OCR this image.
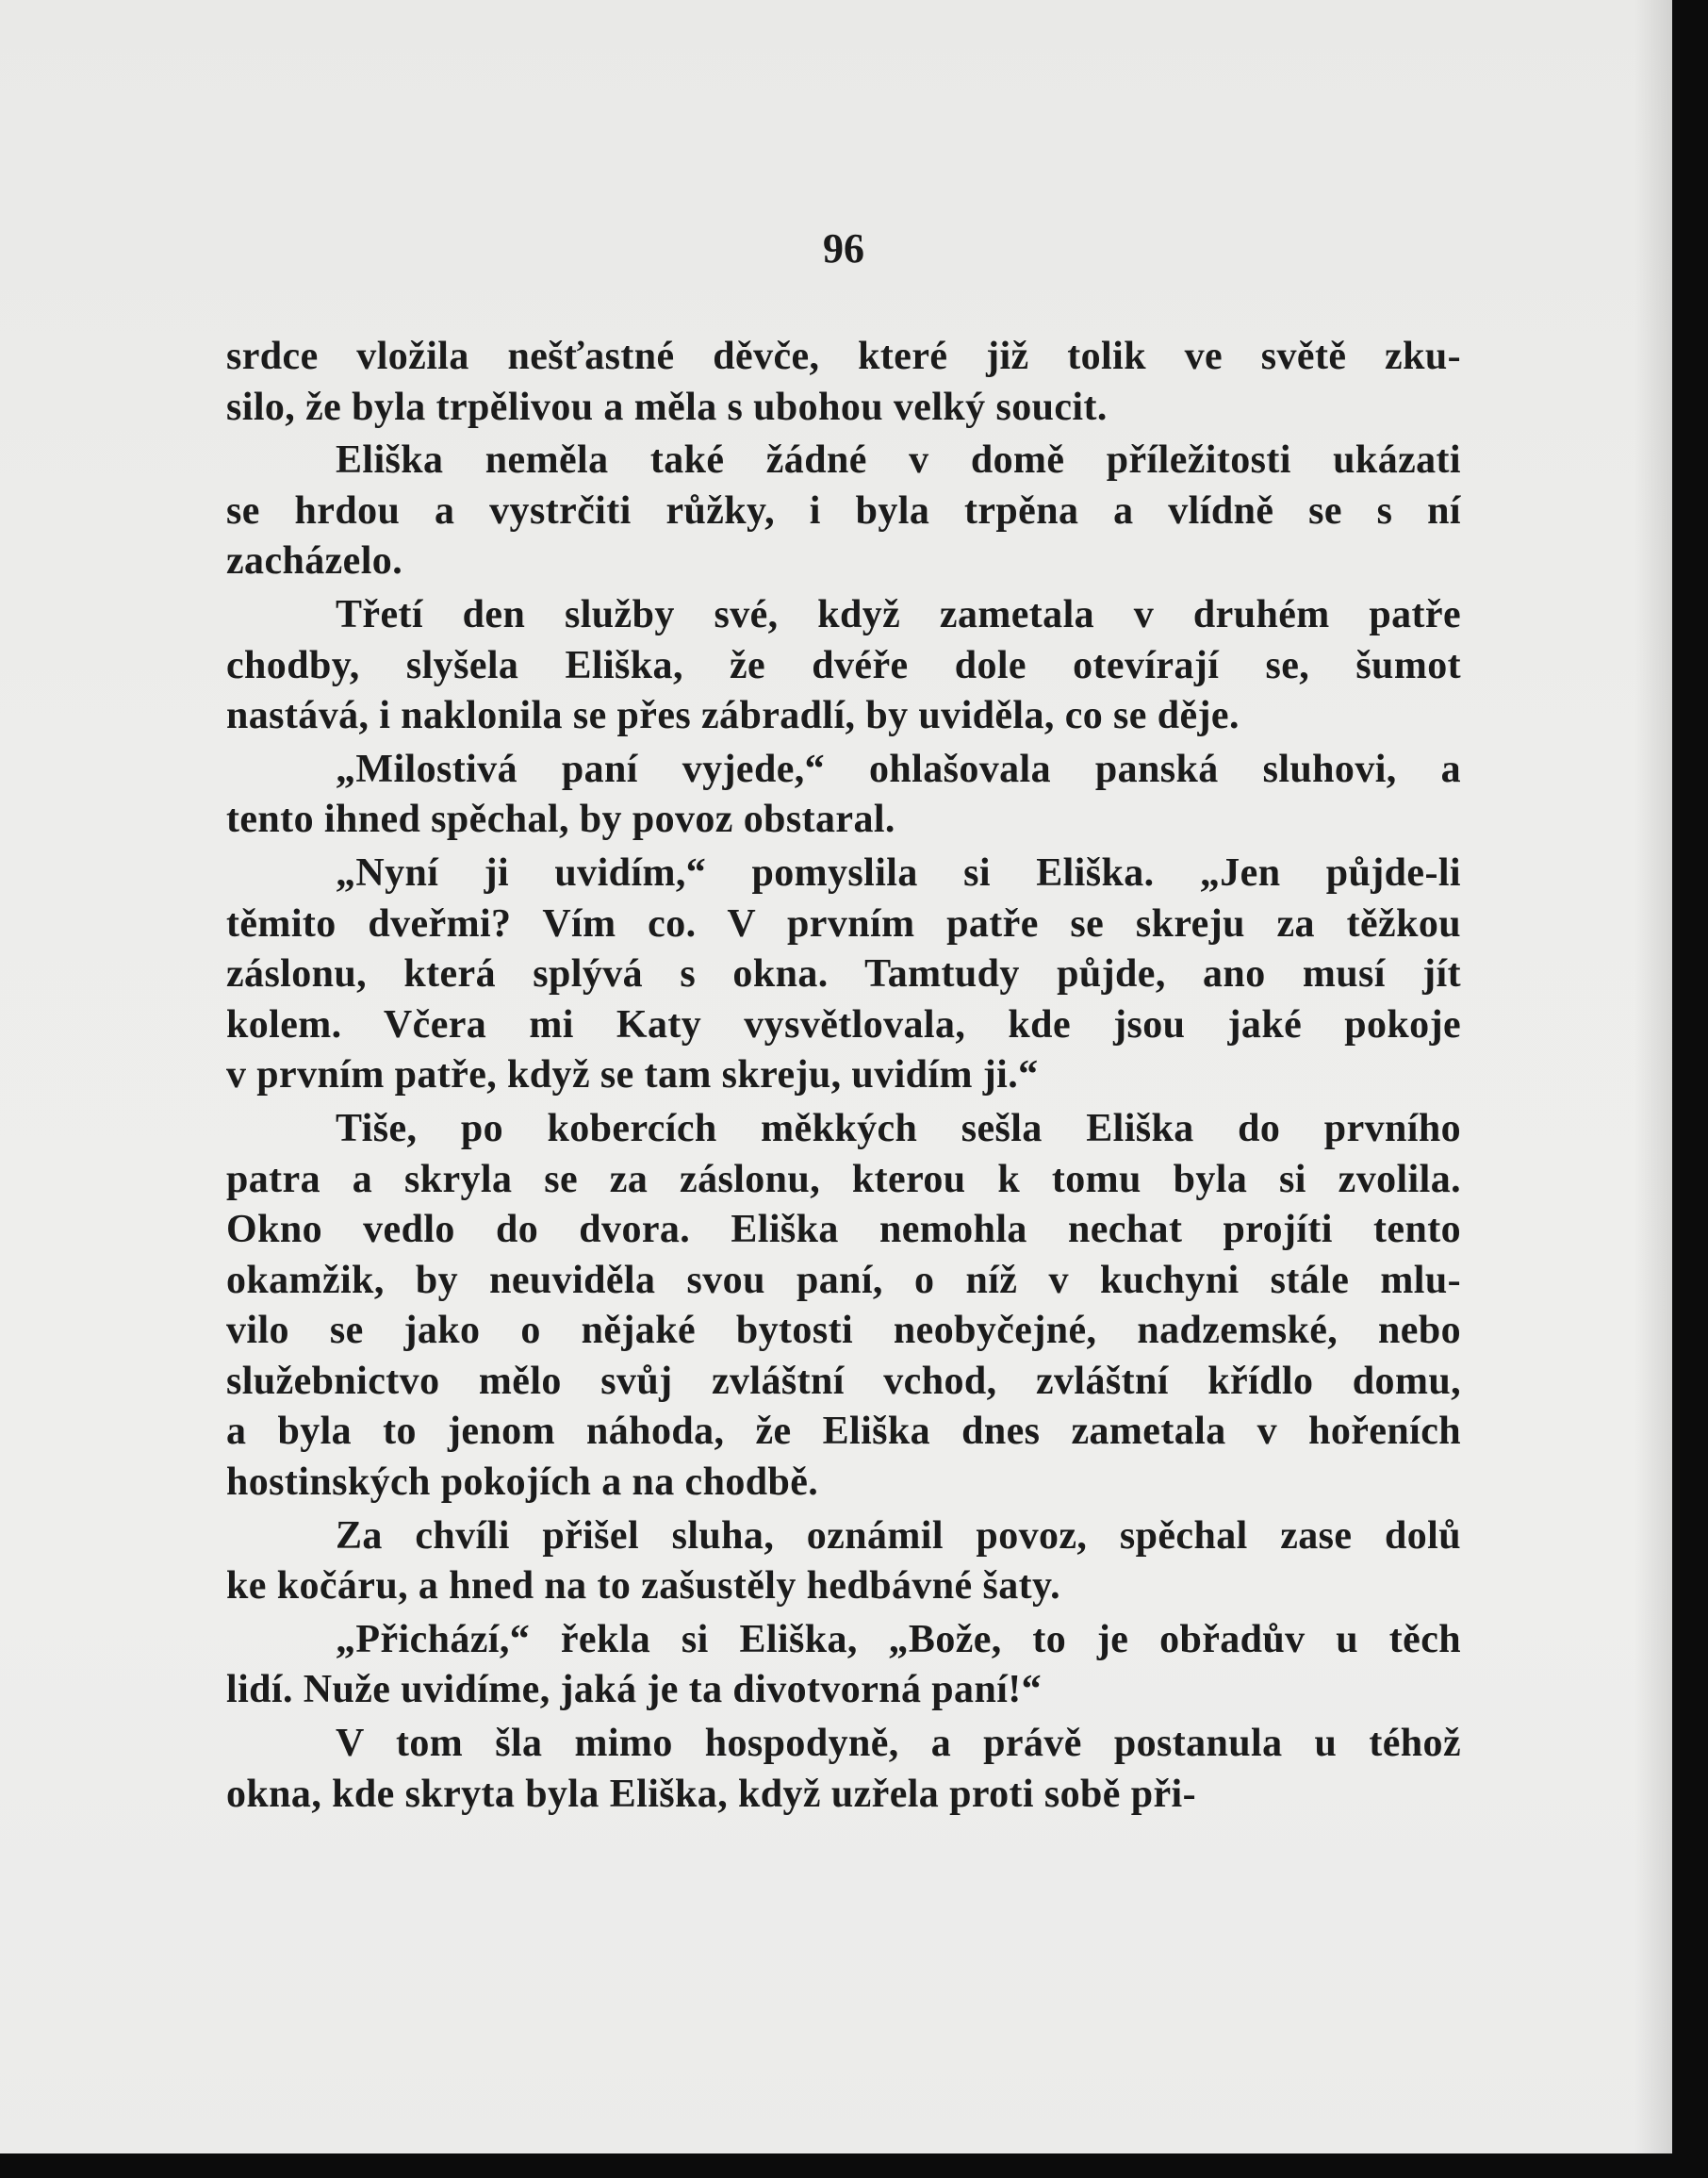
96
srdce vložila nešťastné děvče, které již tolik ve světě zku-
silo, že byla trpělivou a měla s ubohou velký soucit.
Eliška neměla také žádné v domě příležitosti ukázati
se hrdou a vystrčiti růžky, i byla trpěna a vlídně se s ní
zacházelo.
Třetí den služby své, když zametala v druhém patře
chodby, slyšela Eliška, že dvéře dole otevírají se, šumot
nastává, i naklonila se přes zábradlí, by uviděla, co se děje.
„Milostivá paní vyjede,“ ohlašovala panská sluhovi, a
tento ihned spěchal, by povoz obstaral.
„Nyní ji uvidím,“ pomyslila si Eliška. „Jen půjde-li
těmito dveřmi? Vím co. V prvním patře se skreju za těžkou
záslonu, která splývá s okna. Tamtudy půjde, ano musí jít
kolem. Včera mi Katy vysvětlovala, kde jsou jaké pokoje
v prvním patře, když se tam skreju, uvidím ji.“
Tiše, po kobercích měkkých sešla Eliška do prvního
patra a skryla se za záslonu, kterou k tomu byla si zvolila.
Okno vedlo do dvora. Eliška nemohla nechat projíti tento
okamžik, by neuviděla svou paní, o níž v kuchyni stále mlu-
vilo se jako o nějaké bytosti neobyčejné, nadzemské, nebo
služebnictvo mělo svůj zvláštní vchod, zvláštní křídlo domu,
a byla to jenom náhoda, že Eliška dnes zametala v hořeních
hostinských pokojích a na chodbě.
Za chvíli přišel sluha, oznámil povoz, spěchal zase dolů
ke kočáru, a hned na to zašustěly hedbávné šaty.
„Přichází,“ řekla si Eliška, „Bože, to je obřadův u těch
lidí. Nuže uvidíme, jaká je ta divotvorná paní!“
V tom šla mimo hospodyně, a právě postanula u téhož
okna, kde skryta byla Eliška, když uzřela proti sobě při-
